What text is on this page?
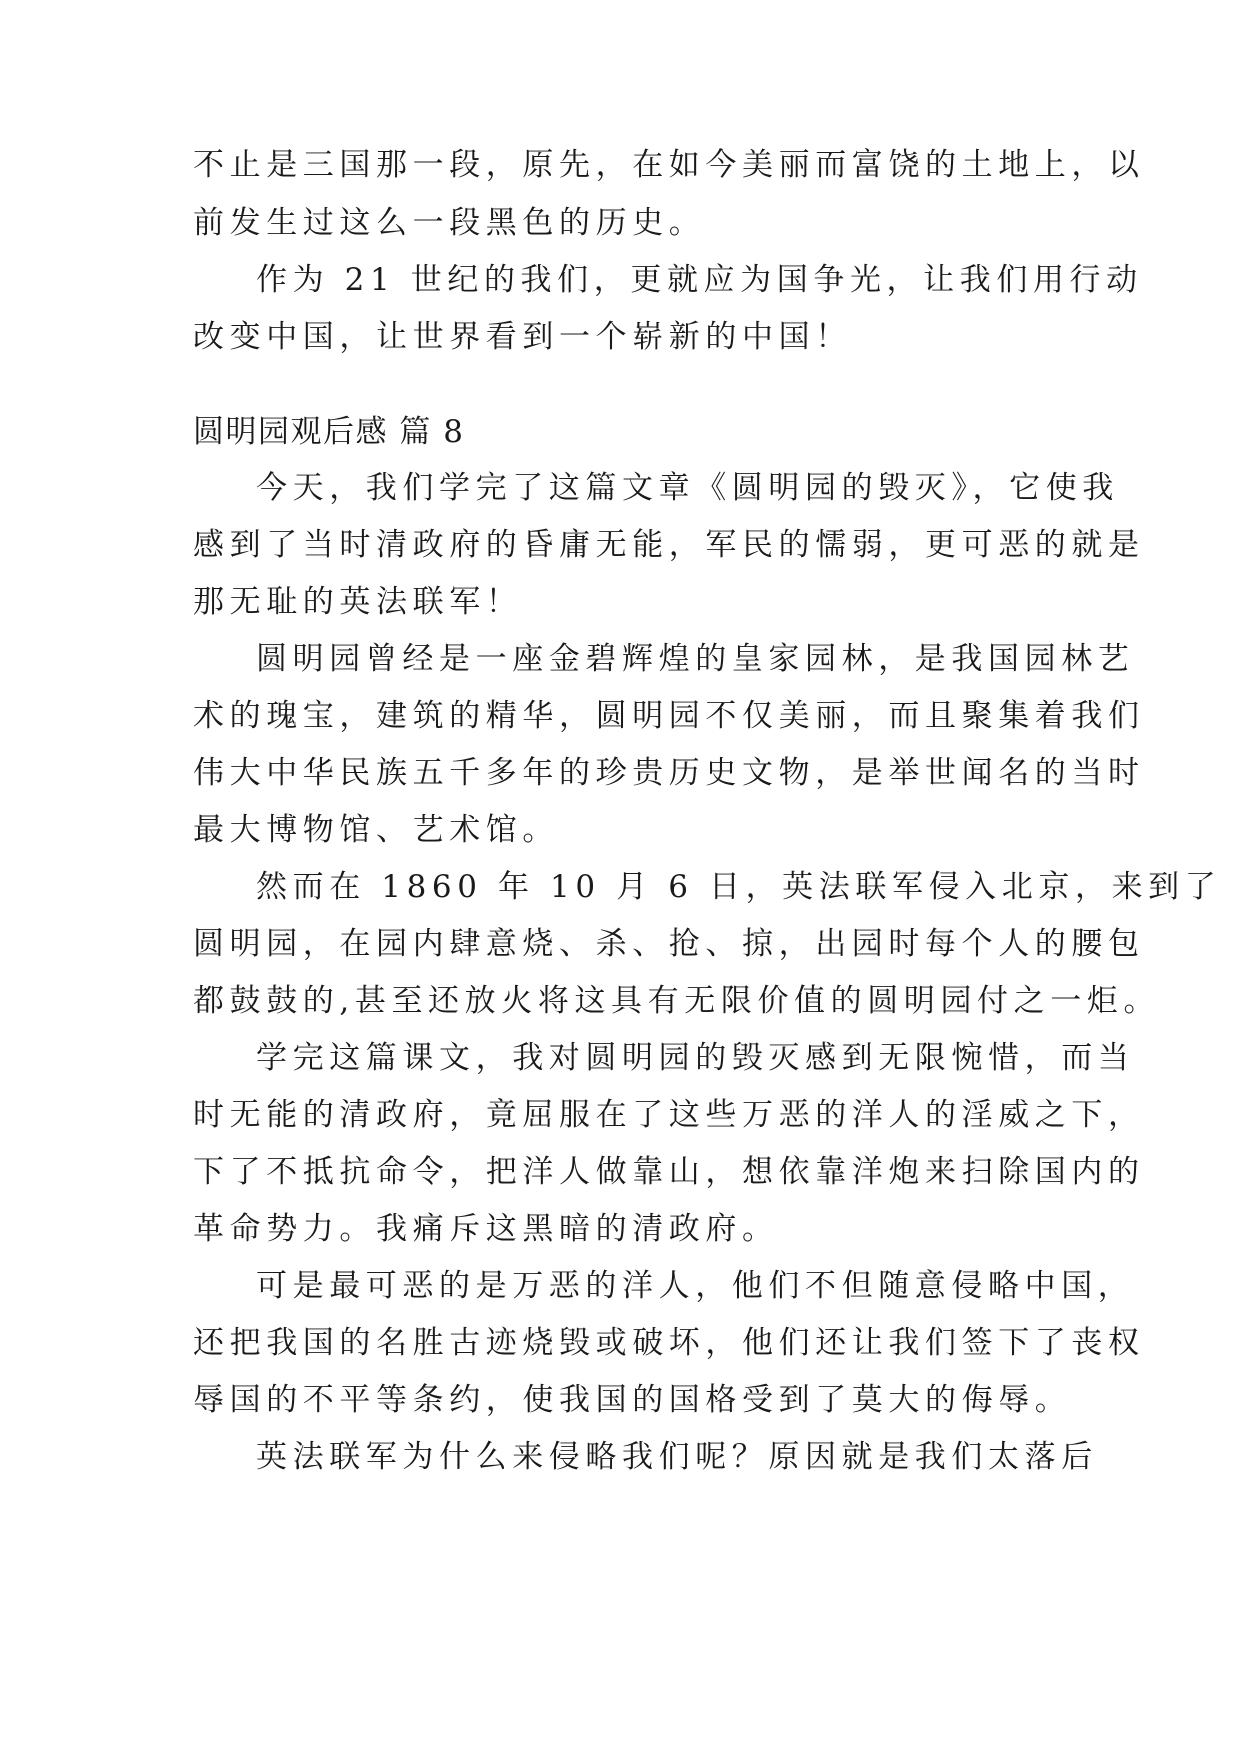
不止是三国那一段，原先，在如今美丽而富饶的土地上，以
前发生过这么一段黑色的历史。
作为 21 世纪的我们，更就应为国争光，让我们用行动
改变中国，让世界看到一个崭新的中国！
圆明园观后感 篇 8
今天，我们学完了这篇文章《圆明园的毁灭》，它使我
感到了当时清政府的昏庸无能，军民的懦弱，更可恶的就是
那无耻的英法联军！
圆明园曾经是一座金碧辉煌的皇家园林，是我国园林艺
术的瑰宝，建筑的精华，圆明园不仅美丽，而且聚集着我们
伟大中华民族五千多年的珍贵历史文物，是举世闻名的当时
最大博物馆、艺术馆。
然而在 1860 年 10 月 6 日，英法联军侵入北京，来到了
圆明园，在园内肆意烧、杀、抢、掠，出园时每个人的腰包
都鼓鼓的,甚至还放火将这具有无限价值的圆明园付之一炬。
学完这篇课文，我对圆明园的毁灭感到无限惋惜，而当
时无能的清政府，竟屈服在了这些万恶的洋人的淫威之下，
下了不抵抗命令，把洋人做靠山，想依靠洋炮来扫除国内的
革命势力。我痛斥这黑暗的清政府。
可是最可恶的是万恶的洋人，他们不但随意侵略中国，
还把我国的名胜古迹烧毁或破坏，他们还让我们签下了丧权
辱国的不平等条约，使我国的国格受到了莫大的侮辱。
英法联军为什么来侵略我们呢？原因就是我们太落后
